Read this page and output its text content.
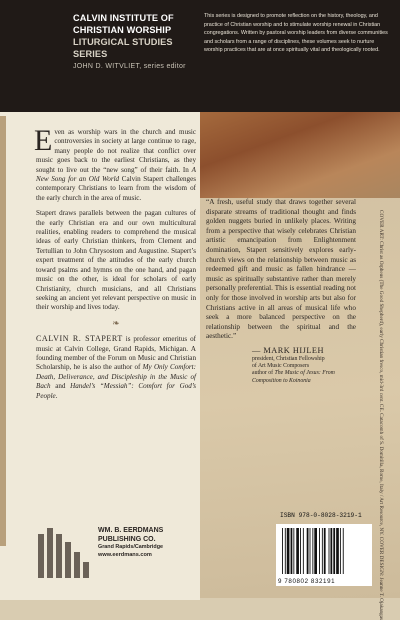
CALVIN INSTITUTE OF
CHRISTIAN WORSHIP
LITURGICAL STUDIES SERIES
JOHN D. WITVLIET, series editor
This series is designed to promote reflection on the history, theology, and practice of Christian worship and to stimulate worship renewal in Christian congregations. Written by pastoral worship leaders from diverse communities and scholars from a range of disciplines, these volumes seek to nurture worship practices that are at once spiritually vital and theologically rooted.

Even as worship wars in the church and music controversies in society at large continue to rage, many people do not realize that conflict over music goes back to the earliest Christians, as they sought to live out the “new song” of their faith. In A New Song for an Old World Calvin Stapert challenges contemporary Christians to learn from the wisdom of the early church in the area of music.

Stapert draws parallels between the pagan cultures of the early Christian era and our own multicultural realities, enabling readers to comprehend the musical ideas of early Christian thinkers, from Clement and Tertullian to John Chrysostom and Augustine. Stapert’s expert treatment of the attitudes of the early church toward psalms and hymns on the one hand, and pagan music on the other, is ideal for scholars of early Christianity, church musicians, and all Christians seeking an ancient yet relevant perspective on music in their worship and lives today.

❧

CALVIN R. STAPERT is professor emeritus of music at Calvin College, Grand Rapids, Michigan. A founding member of the Forum on Music and Christian Scholarship, he is also the author of My Only Comfort: Death, Deliverance, and Discipleship in the Music of Bach and Handel’s “Messiah”: Comfort for God’s People.

WM. B. EERDMANS
PUBLISHING CO.
Grand Rapids/Cambridge
www.eerdmans.com

“A fresh, useful study that draws together several disparate streams of traditional thought and finds golden nuggets buried in unlikely places. Writing from a perspective that wisely celebrates Christian artistic emancipation from Enlightenment domination, Stapert sensitively explores early-church views on the relationship between music as redeemed gift and music as fallen hindrance — music as spiritually substantive rather than merely personally preferential. This is essential reading not only for those involved in worship arts but also for Christians active in all areas of musical life who seek a more balanced perspective on the relationship between the spiritual and the aesthetic.”

— MARK HIJLEH
president, Christian Fellowship
of Art Music Composers
author of The Music of Jesus: From Composition to Koinonia	COVER ART: Christ as Orpheus (The Good Shepherd), early Christian fresco, mid-3rd cent. CE. Catacomb of S. Domitilla, Rome, Italy / Art Resource, NY. COVER DESIGN: Jeanne T. Ojakangas
ISBN 978-0-8028-3219-1
9 780802 832191
